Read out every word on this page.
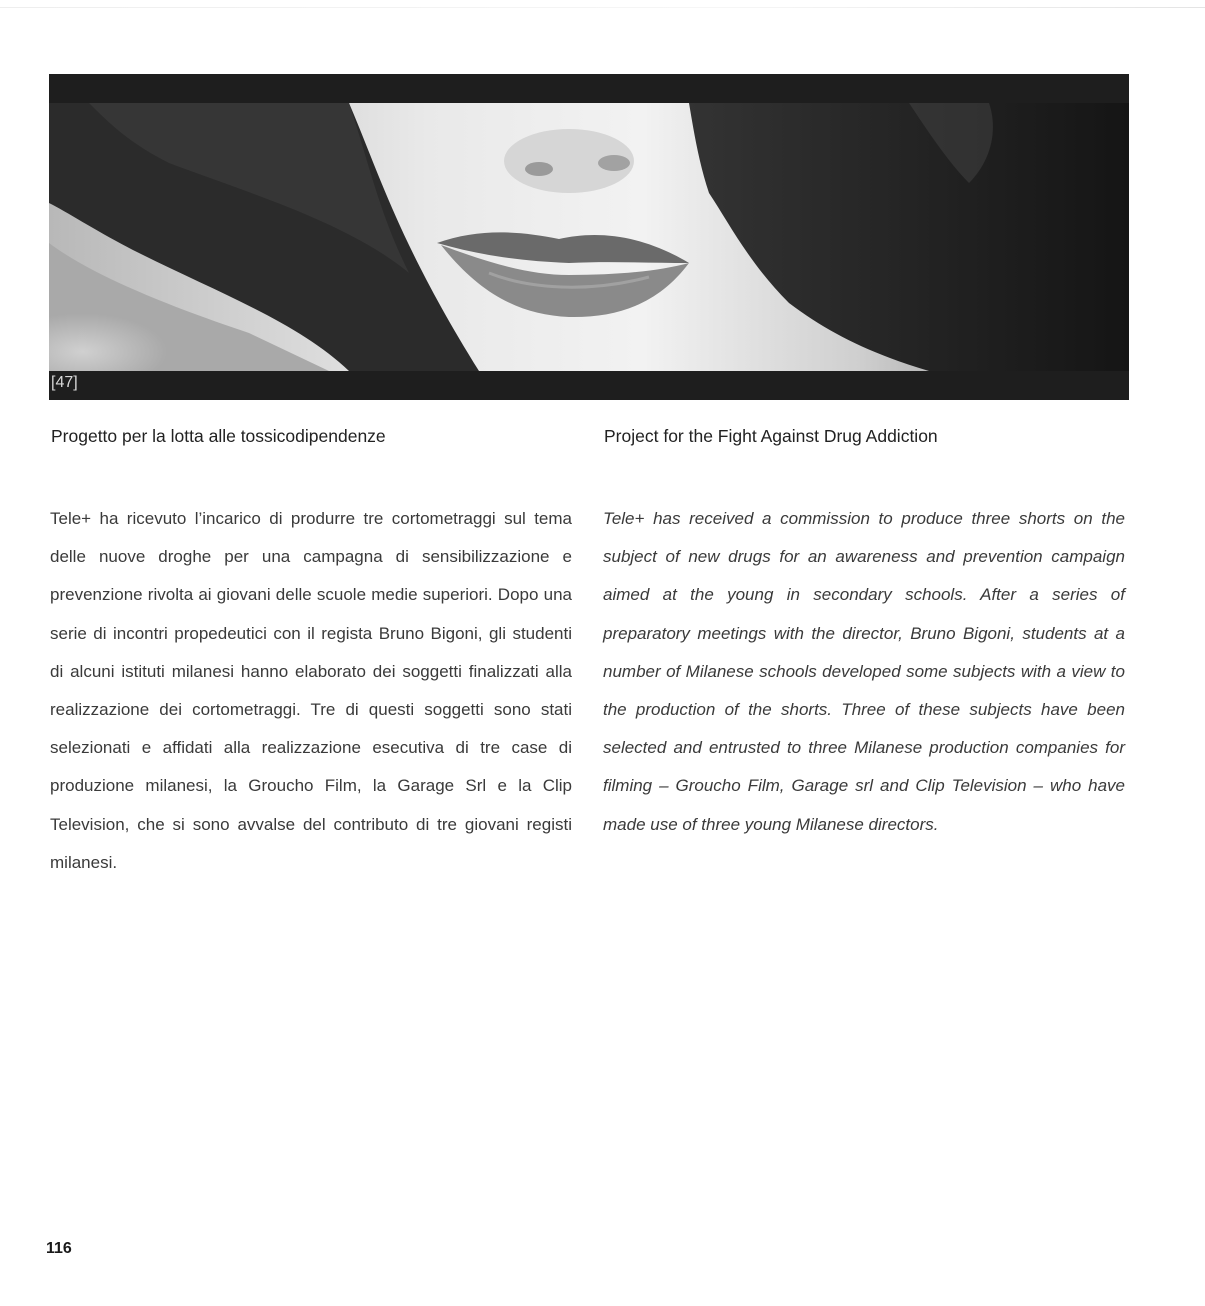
[47]
Progetto per la lotta alle tossicodipendenze	Project for the Fight Against Drug Addiction

Tele+ ha ricevuto l’incarico di produrre tre cortometraggi sul tema delle nuove droghe per una campagna di sensibilizzazione e prevenzione rivolta ai giovani delle scuole medie superiori. Dopo una serie di incontri propedeutici con il regista Bruno Bigoni, gli studenti di alcuni istituti milanesi hanno elaborato dei soggetti finalizzati alla realizzazione dei cortometraggi. Tre di questi soggetti sono stati selezionati e affidati alla realizzazione esecutiva di tre case di produzione milanesi, la Groucho Film, la Garage Srl e la Clip Television, che si sono avvalse del contributo di tre giovani registi milanesi.

Tele+ has received a commission to produce three shorts on the subject of new drugs for an awareness and prevention campaign aimed at the young in secondary schools. After a series of preparatory meetings with the director, Bruno Bigoni, students at a number of Milanese schools developed some subjects with a view to the production of the shorts. Three of these subjects have been selected and entrusted to three Milanese production companies for filming – Groucho Film, Garage srl and Clip Television – who have made use of three young Milanese directors.

116
